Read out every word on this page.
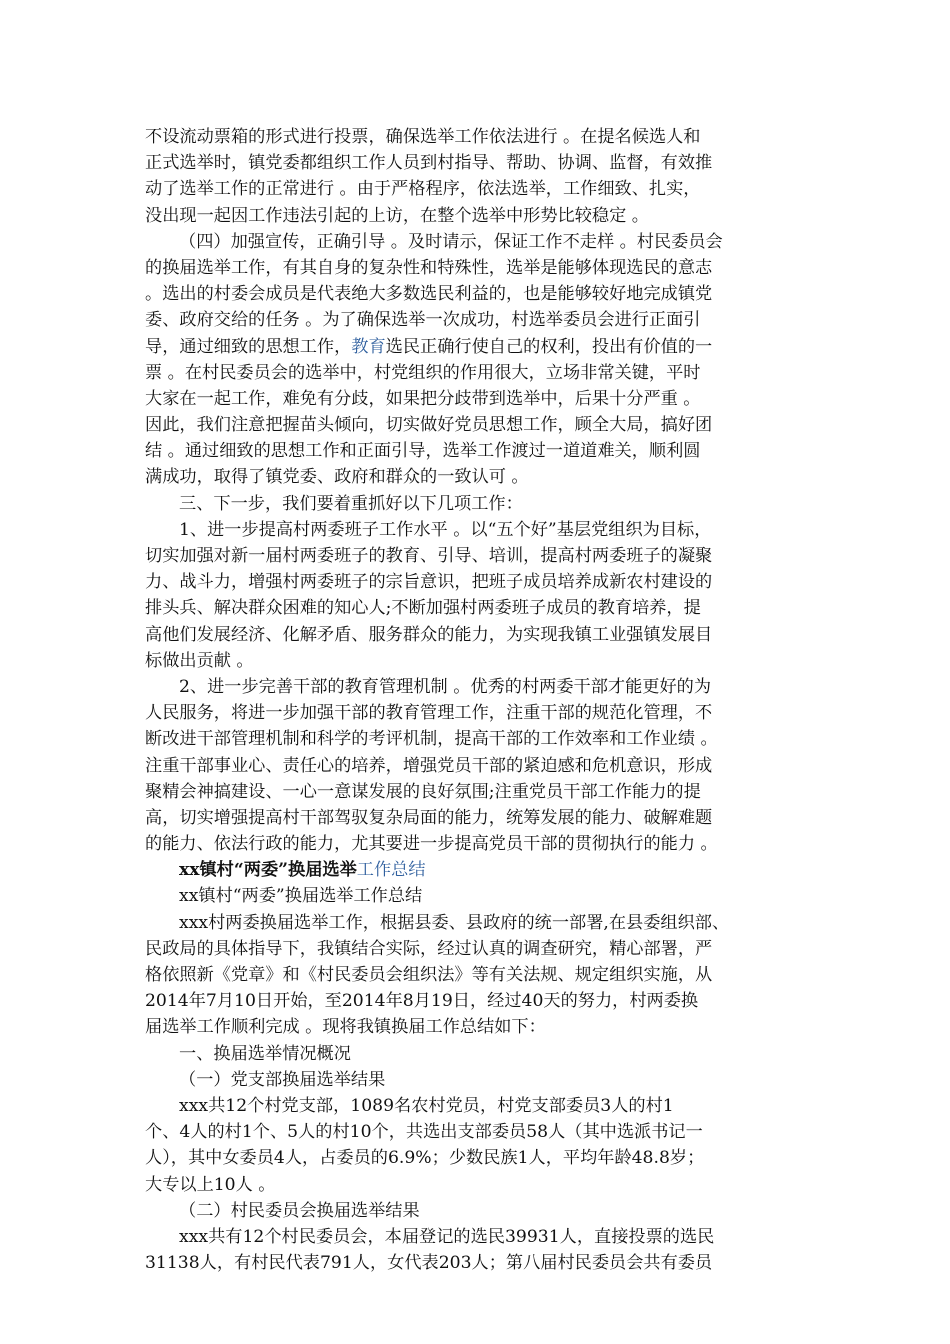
不设流动票箱的形式进行投票，确保选举工作依法进行 。在提名候选人和
正式选举时，镇党委都组织工作人员到村指导、帮助、协调、监督，有效推
动了选举工作的正常进行 。由于严格程序，依法选举，工作细致、扎实，
没出现一起因工作违法引起的上访，在整个选举中形势比较稳定 。
（四）加强宣传，正确引导 。及时请示，保证工作不走样 。村民委员会
的换届选举工作，有其自身的复杂性和特殊性，选举是能够体现选民的意志
。选出的村委会成员是代表绝大多数选民利益的，也是能够较好地完成镇党
委、政府交给的任务 。为了确保选举一次成功，村选举委员会进行正面引
导，通过细致的思想工作，教育选民正确行使自己的权利，投出有价值的一
票 。在村民委员会的选举中，村党组织的作用很大，立场非常关键，平时
大家在一起工作，难免有分歧，如果把分歧带到选举中，后果十分严重 。
因此，我们注意把握苗头倾向，切实做好党员思想工作，顾全大局，搞好团
结 。通过细致的思想工作和正面引导，选举工作渡过一道道难关，顺利圆
满成功，取得了镇党委、政府和群众的一致认可 。
三、下一步，我们要着重抓好以下几项工作：
1、进一步提高村两委班子工作水平 。以“五个好”基层党组织为目标，
切实加强对新一届村两委班子的教育、引导、培训，提高村两委班子的凝聚
力、战斗力，增强村两委班子的宗旨意识，把班子成员培养成新农村建设的
排头兵、解决群众困难的知心人;不断加强村两委班子成员的教育培养，提
高他们发展经济、化解矛盾、服务群众的能力，为实现我镇工业强镇发展目
标做出贡献 。
2、进一步完善干部的教育管理机制 。优秀的村两委干部才能更好的为
人民服务，将进一步加强干部的教育管理工作，注重干部的规范化管理，不
断改进干部管理机制和科学的考评机制，提高干部的工作效率和工作业绩 。
注重干部事业心、责任心的培养，增强党员干部的紧迫感和危机意识，形成
聚精会神搞建设、一心一意谋发展的良好氛围;注重党员干部工作能力的提
高，切实增强提高村干部驾驭复杂局面的能力，统筹发展的能力、破解难题
的能力、依法行政的能力，尤其要进一步提高党员干部的贯彻执行的能力 。
xx镇村“两委”换届选举工作总结
xx镇村“两委”换届选举工作总结
xxx村两委换届选举工作，根据县委、县政府的统一部署,在县委组织部、
民政局的具体指导下，我镇结合实际，经过认真的调查研究，精心部署，严
格依照新《党章》和《村民委员会组织法》等有关法规、规定组织实施，从
2014年7月10日开始，至2014年8月19日，经过40天的努力，村两委换
届选举工作顺利完成 。现将我镇换届工作总结如下：
一、换届选举情况概况
（一）党支部换届选举结果
xxx共12个村党支部，1089名农村党员，村党支部委员3人的村1
个、4人的村1个、5人的村10个，共选出支部委员58人（其中选派书记一
人），其中女委员4人，占委员的6.9%；少数民族1人，平均年龄48.8岁；
大专以上10人 。
（二）村民委员会换届选举结果
xxx共有12个村民委员会，本届登记的选民39931人，直接投票的选民
31138人，有村民代表791人，女代表203人；第八届村民委员会共有委员
